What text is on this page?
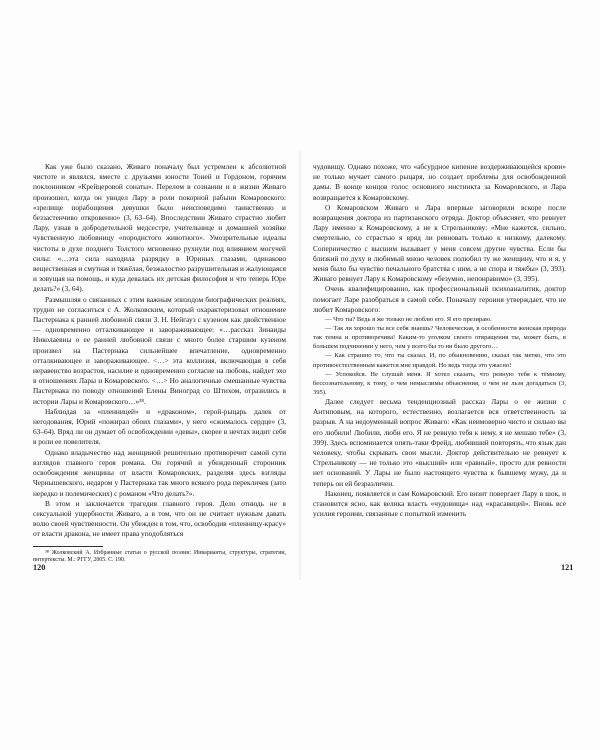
Как уже было сказано, Живаго поначалу был устремлен к абсолютной чистоте и являлся, вместе с друзьями юности Тоней и Гордоном, горячим поклонником «Крейцеровой сонаты». Перелом в сознании и в жизни Живаго произошел, когда он увидел Лару в роли покорной рабыни Комаровского: «зрелище порабощения девушки было неисповедимо таинственно и беззастенчиво откровенно» (3, 63–64). Впоследствии Живаго страстно любит Лару, узнав в добродетельной медсестре, учительнице и домашней хозяйке чувственную любовницу «породистого животного». Умозрительные идеалы чистоты в духе позднего Толстого мгновенно рухнули под влиянием могучей силы: «…эта сила находила разрядку в Юриных глазами, одинаково вещественная и смутная и тяжёлая, безжалостно разрушительная и жалующаяся и зовущая на помощь, и куда девалась их детская философия и что теперь Юре делать?» (3, 64).

Размышляя о связанных с этим важным эпизодом биографических реалиях, трудно не согласиться с А. Жолковским, который охарактеризовал отношение Пастернака к ранней любовной связи З. Н. Нейгауз с кузеном как двойственное — одновременно отталкивающее и завораживающее: «…рассказ Зинаиды Николаевны о ее ранней любовной связи с много более старшим кузеном произвел на Пастернака сильнейшее впечатление, одновременно отталкивающее и завораживающее. <…> эта коллизия, включающая в себя неравенство возрастов, насилие и одновременно согласие на любовь, найдет эхо в отношениях Лары и Комаровского. <…> Но аналогичные смешанные чувства Пастернака по поводу отношений Елены Виноград со Штихом, отразились в истории Лары и Комаровского…»³⁸.

Наблюдая за «пленницей» и «драконом», герой-рыцарь далек от негодования, Юрий «пожирал обоих глазами», у него «сжималось сердце» (3, 63–64). Вряд ли он думает об освобождении «девы», скорее в нечтах видит себя в роли ее повелителя.

Однако владычество над женщиной решительно противоречит самой сути взглядов главного героя романа. Он горячий и убежденный сторонник освобождения женщины от власти Комаровских, разделяя здесь взгляды Чернышевского, недаром у Пастернака так много всякого рода перекличек (зато нередко и полемических) с романом «Что делать?».

В этом и заключается трагедия главного героя. Дело отнюдь не в сексуальной ущербности Живаго, а в том, что он не считает нужным давать волю своей чувственности. Он убежден в том, что, освободив «пленницу-красу» от власти дракона, не имеет права уподобляться

³⁸ Жолковский А. Избранные статьи о русской поэзии: Инварианты, структуры, стратегии, интертексты. М.: РГГУ, 2005. С. 190.

120

чудовищу. Однако похоже, что «абсурдное кипение воздерживающейся крови» не только мучает самого рыцаря, но создает проблемы для освобожденной дамы. В конце концов голос основного инстинкта за Комаровского, и Лара возвращается к Комаровскому.

О Комаровском Живаго и Лара впервые заговорили вскоре после возвращения доктора из партизанского отряда. Доктор объясняет, что ревнует Лару именно к Комаровскому, а не к Стрельникову: «Мне кажется, сильно, смертельно, со страстью я вряд ли ревновать только к низкому, далекому. Соперничество с высшим вызывает у меня совсем другие чувства. Если бы близкий по духу и любимый мною человек полюбил ту же женщину, что и я, у меня было бы чувство печального братства с ним, а не спора и тяжбы» (3, 393). Живаго ревнует Лару к Комаровскому «безумно, непонравимо» (3, 395).

Очень квалифицированно, как профессиональный психоаналитик, доктор помогает Ларе разобраться в самой себе. Поначалу героиня утверждает, что не любит Комаровского:

— Что ты? Ведь я же только не люблю его. Я его презираю.

— Так ли хорошо ты все себя знаешь? Человеческая, в особенности женская природа так темна и противоречива! Каким-то уголком своего отвращения ты, может быть, в большем подчинении у него, чем у всего бы то ни было другого…

— Как страшно то, что ты сказал. И, по обыкновению, сказал так метко, что это противоестественным кажется мне правдой. Но ведь тогда это ужасно!

— Успокойся. Не слушай меня. Я хотел сказать, что ревную тебя к тёмному, бессознательному, к тому, о чем немыслимы объяснения, о чем не льзя догадаться (3, 395).

Далее следует весьма тенденциозный рассказ Лары о ее жизни с Антиповым, на которого, естественно, возлагается вся ответственность за разрыв. А на недоуменный вопрос Живаго: «Как неимоверно чисто и сильно вы его любили! Любили, люби его. Я не ревную тебя к нему, я не мешаю тебе» (3, 399). Здесь вспоминается опять-таки Фрейд, любивший повторять, что язык дан человеку, чтобы скрывать свои мысли. Доктор действительно не ревнует к Стрельникову — не только это «высший» или «равный», просто для ревности нет оснований. У Лары не было настоящего чувства к бывшему мужу, да и теперь он ей безразличен.

Наконец, появляется и сам Комаровский. Его визит повергает Лару в шок, и становится ясно, как велика власть «чудовища» над «красавицей». Вновь все усилия героини, связанные с попыткой изменить

121
